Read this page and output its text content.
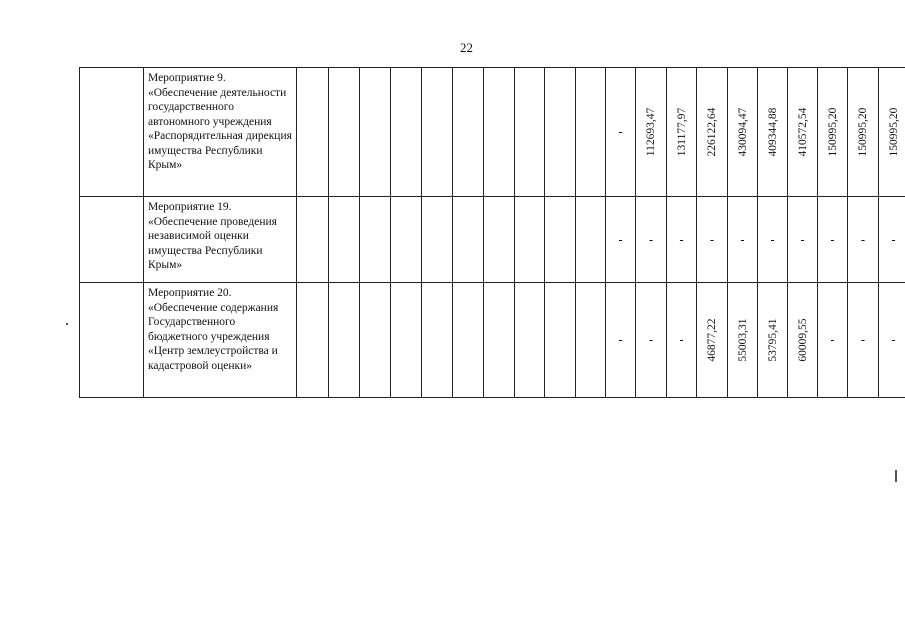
22
	Мероприятие 9. «Обеспечение деятельности государственного автономного учреждения «Распорядительная дирекция имущества Республики Крым»											-	112693,47	131177,97	226122,64	430094,47	409344,88	410572,54	150995,20	150995,20	150995,20

	Мероприятие 19. «Обеспечение проведения независимой оценки имущества Республики Крым»											-	-	-	-	-	-	-	-	-	-

	Мероприятие 20. «Обеспечение содержания Государственного бюджетного учреждения «Центр землеустройства и кадастровой оценки»											-	-	-	46877,22	55003,31	53795,41	60009,55	-	-	-
